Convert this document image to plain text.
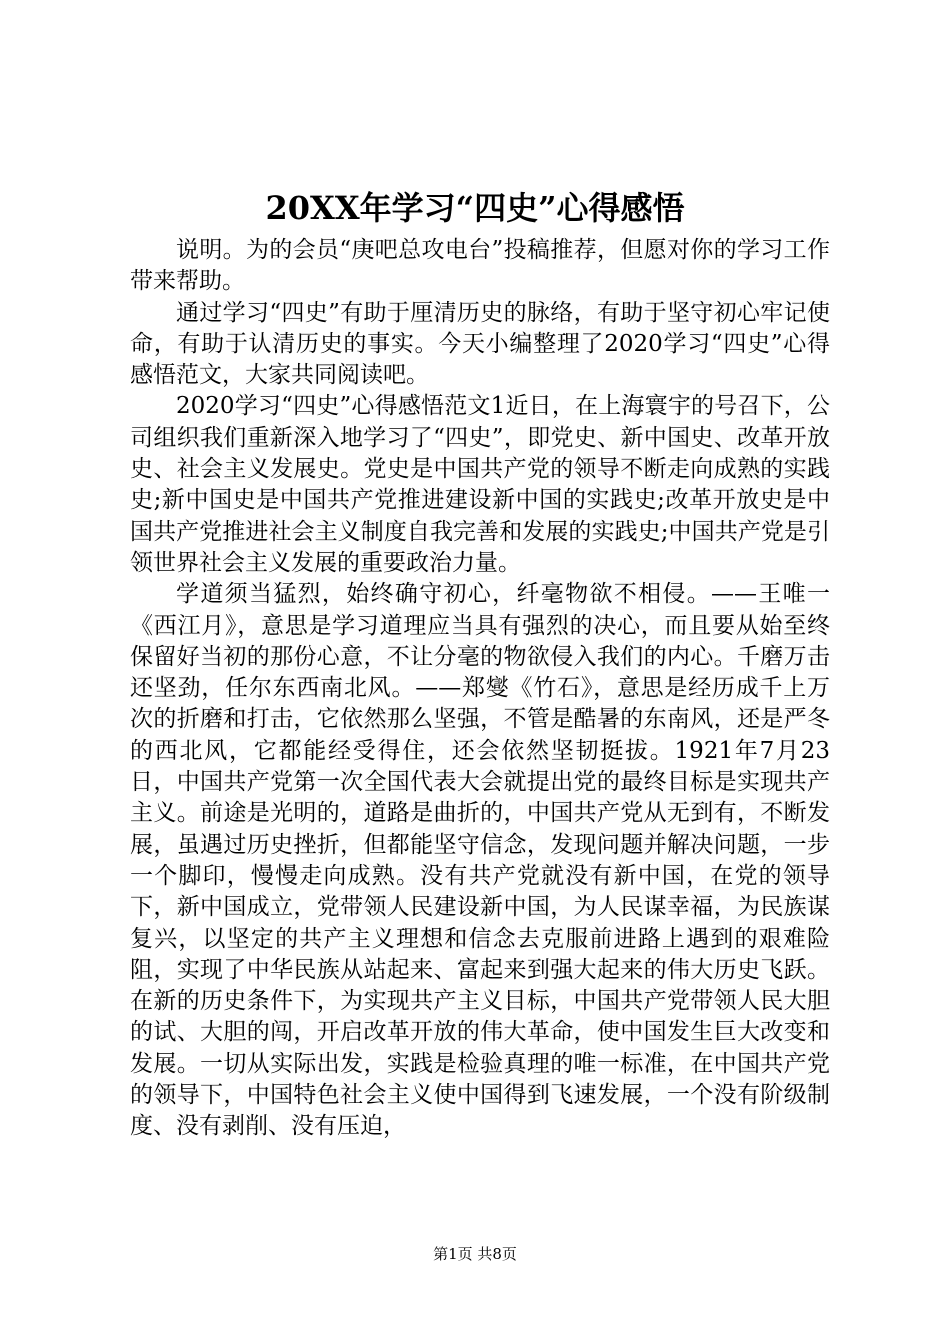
20XX年学习“四史”心得感悟

说明。为的会员“庚吧总攻电台”投稿推荐，但愿对你的学习工作带来帮助。

通过学习“四史”有助于厘清历史的脉络，有助于坚守初心牢记使命，有助于认清历史的事实。今天小编整理了2020学习“四史”心得感悟范文，大家共同阅读吧。

2020学习“四史”心得感悟范文1近日，在上海寰宇的号召下，公司组织我们重新深入地学习了“四史”，即党史、新中国史、改革开放史、社会主义发展史。党史是中国共产党的领导不断走向成熟的实践史;新中国史是中国共产党推进建设新中国的实践史;改革开放史是中国共产党推进社会主义制度自我完善和发展的实践史;中国共产党是引领世界社会主义发展的重要政治力量。

学道须当猛烈，始终确守初心，纤毫物欲不相侵。——王唯一《西江月》，意思是学习道理应当具有强烈的决心，而且要从始至终保留好当初的那份心意，不让分毫的物欲侵入我们的内心。千磨万击还坚劲，任尔东西南北风。——郑燮《竹石》，意思是经历成千上万次的折磨和打击，它依然那么坚强，不管是酷暑的东南风，还是严冬的西北风，它都能经受得住，还会依然坚韧挺拔。1921年7月23日，中国共产党第一次全国代表大会就提出党的最终目标是实现共产主义。前途是光明的，道路是曲折的，中国共产党从无到有，不断发展，虽遇过历史挫折，但都能坚守信念，发现问题并解决问题，一步一个脚印，慢慢走向成熟。没有共产党就没有新中国，在党的领导下，新中国成立，党带领人民建设新中国，为人民谋幸福，为民族谋复兴，以坚定的共产主义理想和信念去克服前进路上遇到的艰难险阻，实现了中华民族从站起来、富起来到强大起来的伟大历史飞跃。在新的历史条件下，为实现共产主义目标，中国共产党带领人民大胆的试、大胆的闯，开启改革开放的伟大革命，使中国发生巨大改变和发展。一切从实际出发，实践是检验真理的唯一标准，在中国共产党的领导下，中国特色社会主义使中国得到飞速发展，一个没有阶级制度、没有剥削、没有压迫，

第1页 共8页
